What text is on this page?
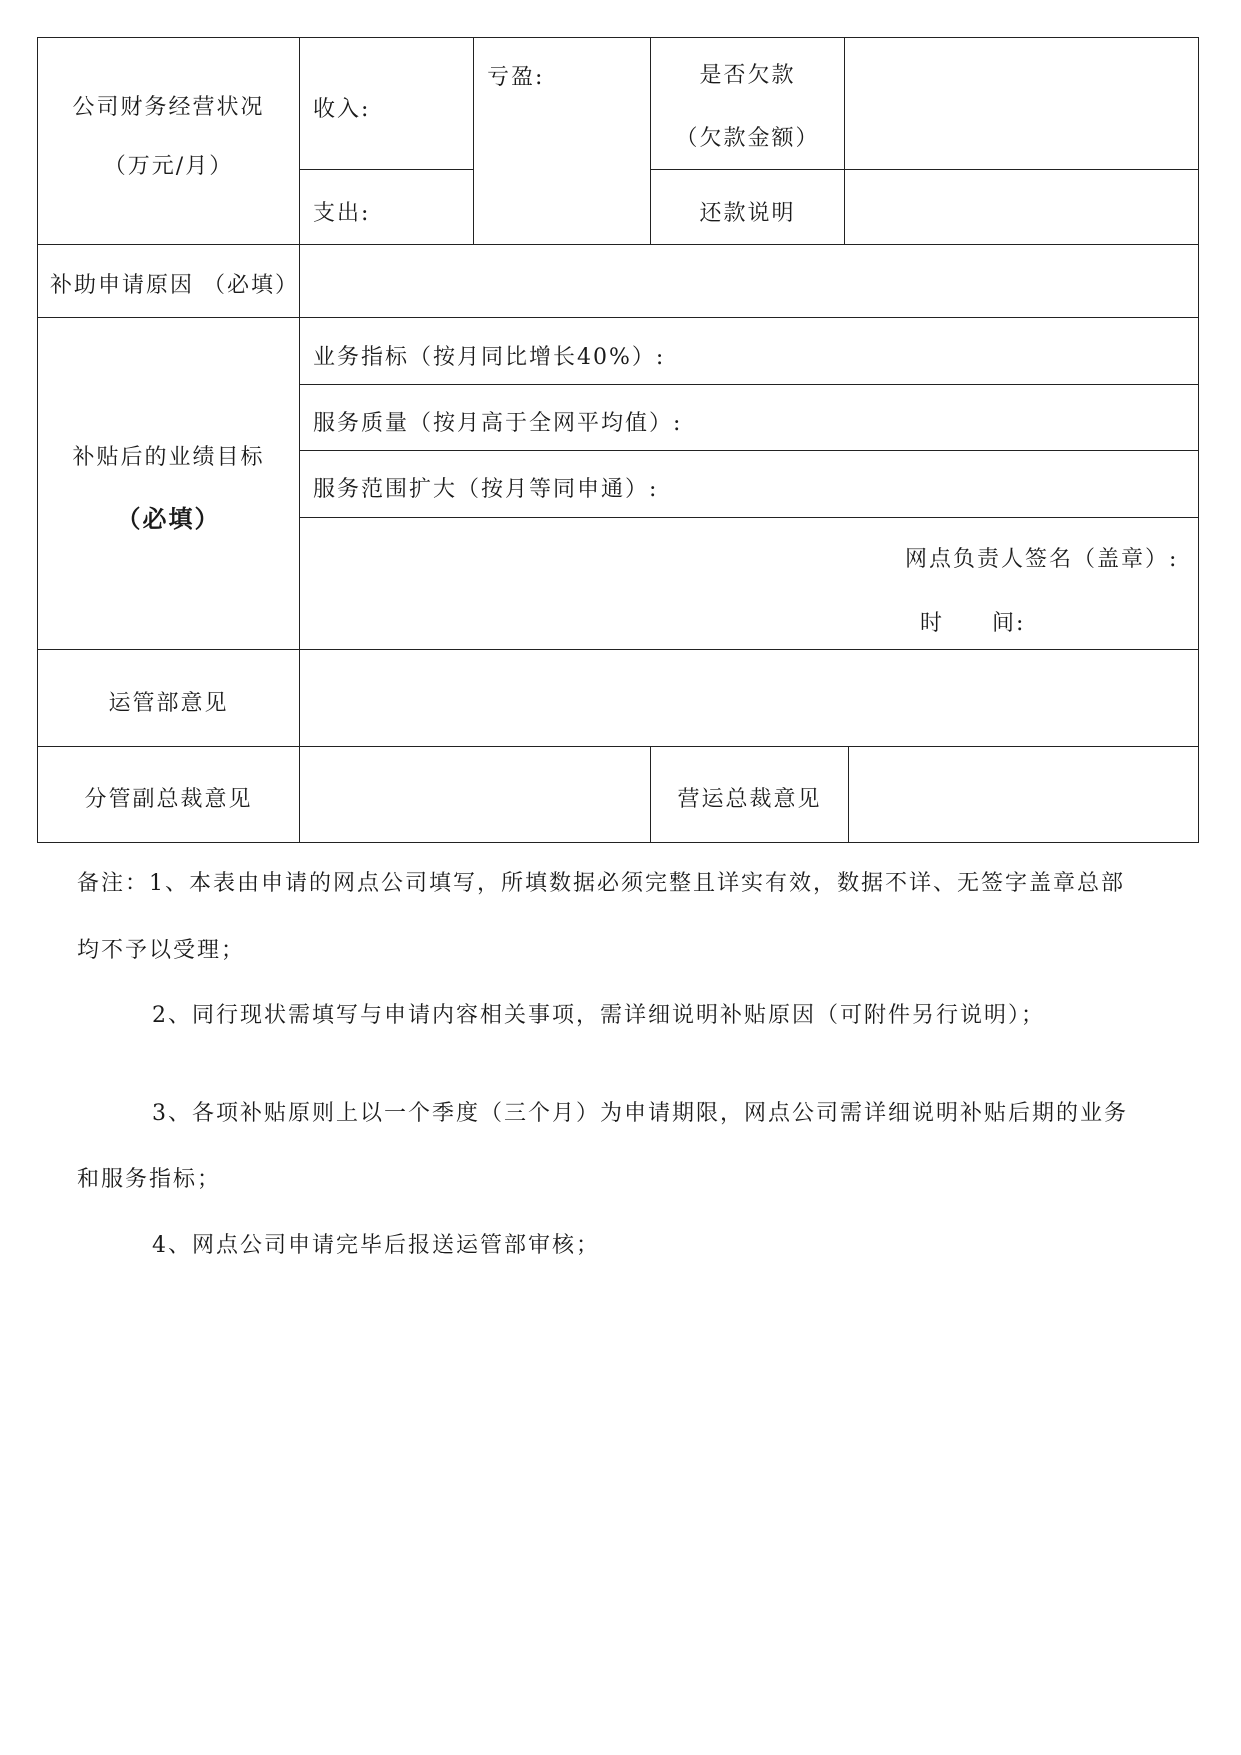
公司财务经营状况
（万元/月）
收入:
支出:
亏盈:	是否欠款
（欠款金额）
还款说明
补助申请原因 （必填）
补贴后的业绩目标
（必填）
业务指标（按月同比增长40%）:
服务质量（按月高于全网平均值）:
服务范围扩大（按月等同申通）:
网点负责人签名（盖章）:
时　　间:
运管部意见
分管副总裁意见	营运总裁意见
备注：1、本表由申请的网点公司填写，所填数据必须完整且详实有效，数据不详、无签字盖章总部
均不予以受理；
2、同行现状需填写与申请内容相关事项，需详细说明补贴原因（可附件另行说明）；
3、各项补贴原则上以一个季度（三个月）为申请期限，网点公司需详细说明补贴后期的业务
和服务指标；
4、网点公司申请完毕后报送运管部审核；
